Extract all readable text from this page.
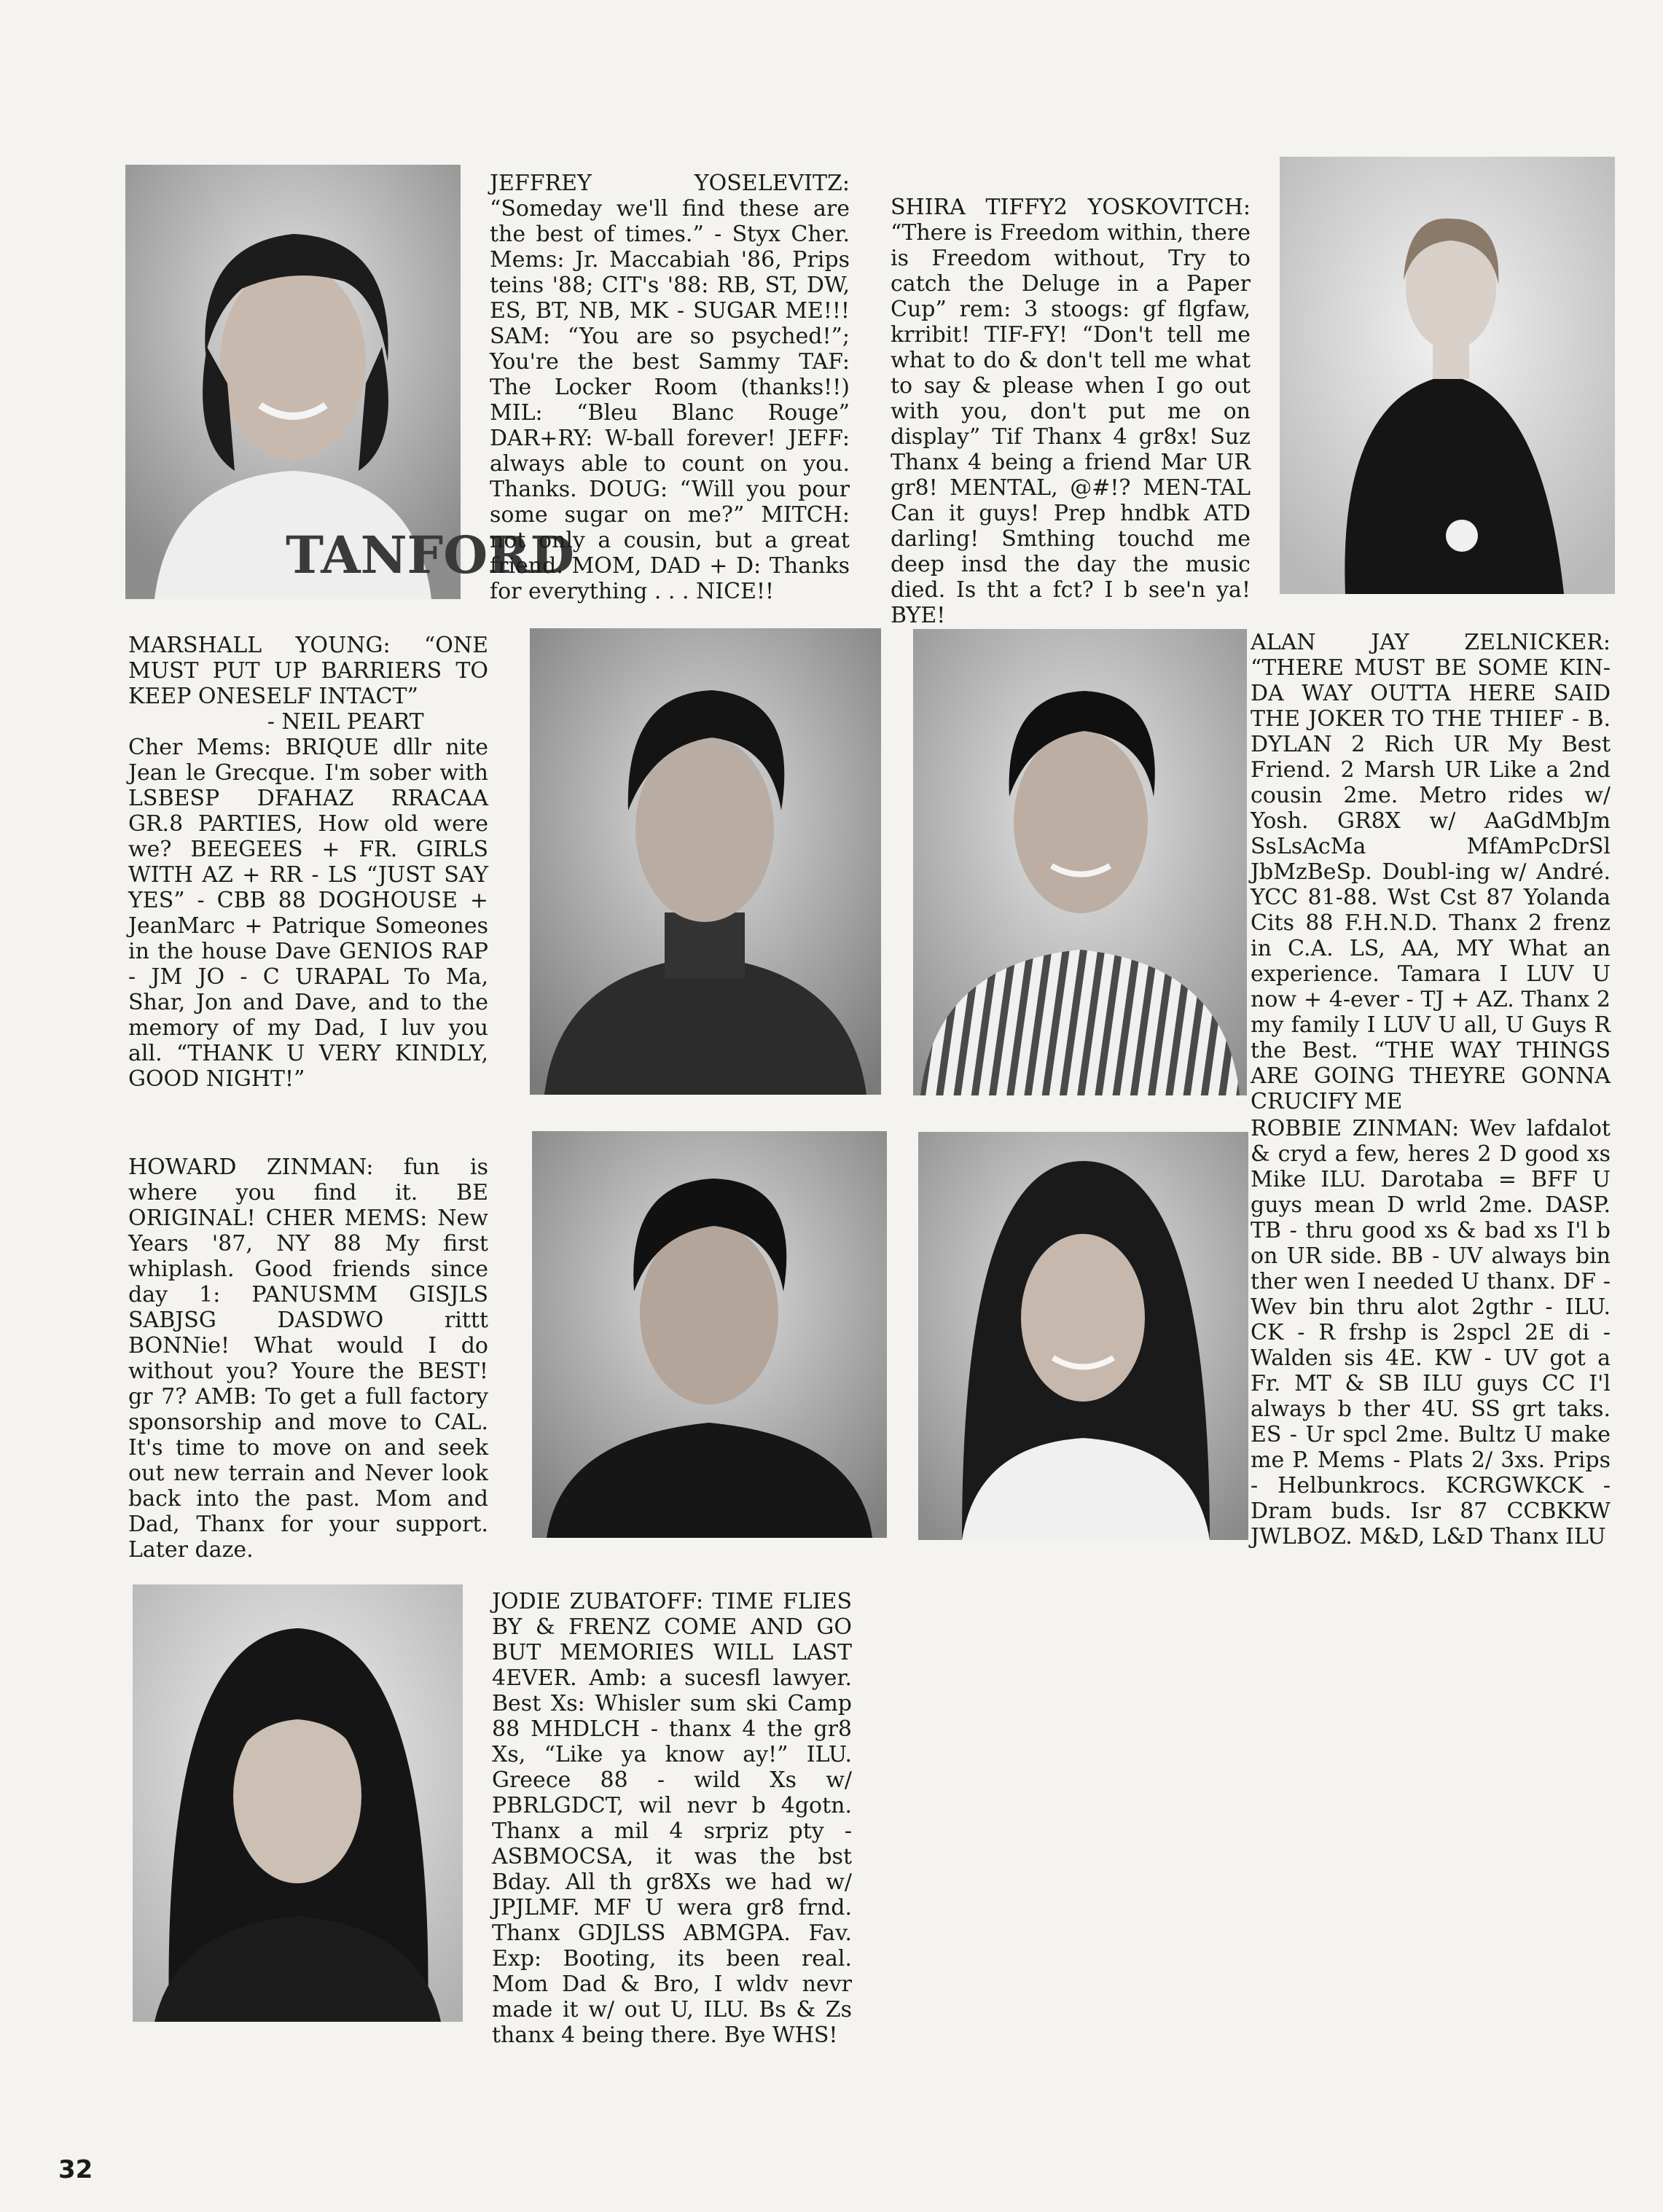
TANFORD

JEFFREY YOSELEVITZ: “Someday we'll find these are the best of times.” - Styx Cher. Mems: Jr. Maccabiah '86, Prips teins '88; CIT's '88: RB, ST, DW, ES, BT, NB, MK - SUGAR ME!!! SAM: “You are so psyched!”; You're the best Sammy TAF: The Locker Room (thanks!!) MIL: “Bleu Blanc Rouge” DAR+RY: W-ball forever! JEFF: always able to count on you. Thanks. DOUG: “Will you pour some sugar on me?” MITCH: not only a cousin, but a great friend. MOM, DAD + D: Thanks for everything . . . NICE!!

SHIRA TIFFY2 YOSKOVITCH: “There is Freedom within, there is Freedom without, Try to catch the Deluge in a Paper Cup” rem: 3 stoogs: gf flgfaw, krribit! TIF-FY! “Don't tell me what to do & don't tell me what to say & please when I go out with you, don't put me on display” Tif Thanx 4 gr8x! Suz Thanx 4 being a friend Mar UR gr8! MENTAL, @#!? MEN-TAL Can it guys! Prep hndbk ATD darling! Smthing touchd me deep insd the day the music died. Is tht a fct? I b see'n ya! BYE!

MARSHALL YOUNG: “ONE MUST PUT UP BARRIERS TO KEEP ONESELF INTACT”
- NEIL PEART
Cher Mems: BRIQUE dllr nite Jean le Grecque. I'm sober with LSBESP DFAHAZ RRACAA GR.8 PARTIES, How old were we? BEEGEES + FR. GIRLS WITH AZ + RR - LS “JUST SAY YES” - CBB 88 DOGHOUSE + JeanMarc + Patrique Someones in the house Dave GENIOS RAP - JM JO - C URAPAL To Ma, Shar, Jon and Dave, and to the memory of my Dad, I luv you all. “THANK U VERY KINDLY, GOOD NIGHT!”

ALAN JAY ZELNICKER: “THERE MUST BE SOME KIN-DA WAY OUTTA HERE SAID THE JOKER TO THE THIEF - B. DYLAN 2 Rich UR My Best Friend. 2 Marsh UR Like a 2nd cousin 2me. Metro rides w/ Yosh. GR8X w/ AaGdMbJm SsLsAcMa MfAmPcDrSl JbMzBeSp. Doubl-ing w/ André. YCC 81-88. Wst Cst 87 Yolanda Cits 88 F.H.N.D. Thanx 2 frenz in C.A. LS, AA, MY What an experience. Tamara I LUV U now + 4-ever - TJ + AZ. Thanx 2 my family I LUV U all, U Guys R the Best. “THE WAY THINGS ARE GOING THEYRE GONNA CRUCIFY ME

HOWARD ZINMAN: fun is where you find it. BE ORIGINAL! CHER MEMS: New Years '87, NY 88 My first whiplash. Good friends since day 1: PANUSMM GISJLS SABJSG DASDWO rittt BONNie! What would I do without you? Youre the BEST! gr 7? AMB: To get a full factory sponsorship and move to CAL. It's time to move on and seek out new terrain and Never look back into the past. Mom and Dad, Thanx for your support. Later daze.

ROBBIE ZINMAN: Wev lafdalot & cryd a few, heres 2 D good xs Mike ILU. Darotaba = BFF U guys mean D wrld 2me. DASP. TB - thru good xs & bad xs I'l b on UR side. BB - UV always bin ther wen I needed U thanx. DF - Wev bin thru alot 2gthr - ILU. CK - R frshp is 2spcl 2E di - Walden sis 4E. KW - UV got a Fr. MT & SB ILU guys CC I'l always b ther 4U. SS grt taks. ES - Ur spcl 2me. Bultz U make me P. Mems - Plats 2/ 3xs. Prips - Helbunkrocs. KCRGWKCK - Dram buds. Isr 87 CCBKKW JWLBOZ. M&D, L&D Thanx ILU

JODIE ZUBATOFF: TIME FLIES BY & FRENZ COME AND GO BUT MEMORIES WILL LAST 4EVER. Amb: a sucesfl lawyer. Best Xs: Whisler sum ski Camp 88 MHDLCH - thanx 4 the gr8 Xs, “Like ya know ay!” ILU. Greece 88 - wild Xs w/ PBRLGDCT, wil nevr b 4gotn. Thanx a mil 4 srpriz pty - ASBMOCSA, it was the bst Bday. All th gr8Xs we had w/ JPJLMF. MF U wera gr8 frnd. Thanx GDJLSS ABMGPA. Fav. Exp: Booting, its been real. Mom Dad & Bro, I wldv nevr made it w/ out U, ILU. Bs & Zs thanx 4 being there. Bye WHS!

32
